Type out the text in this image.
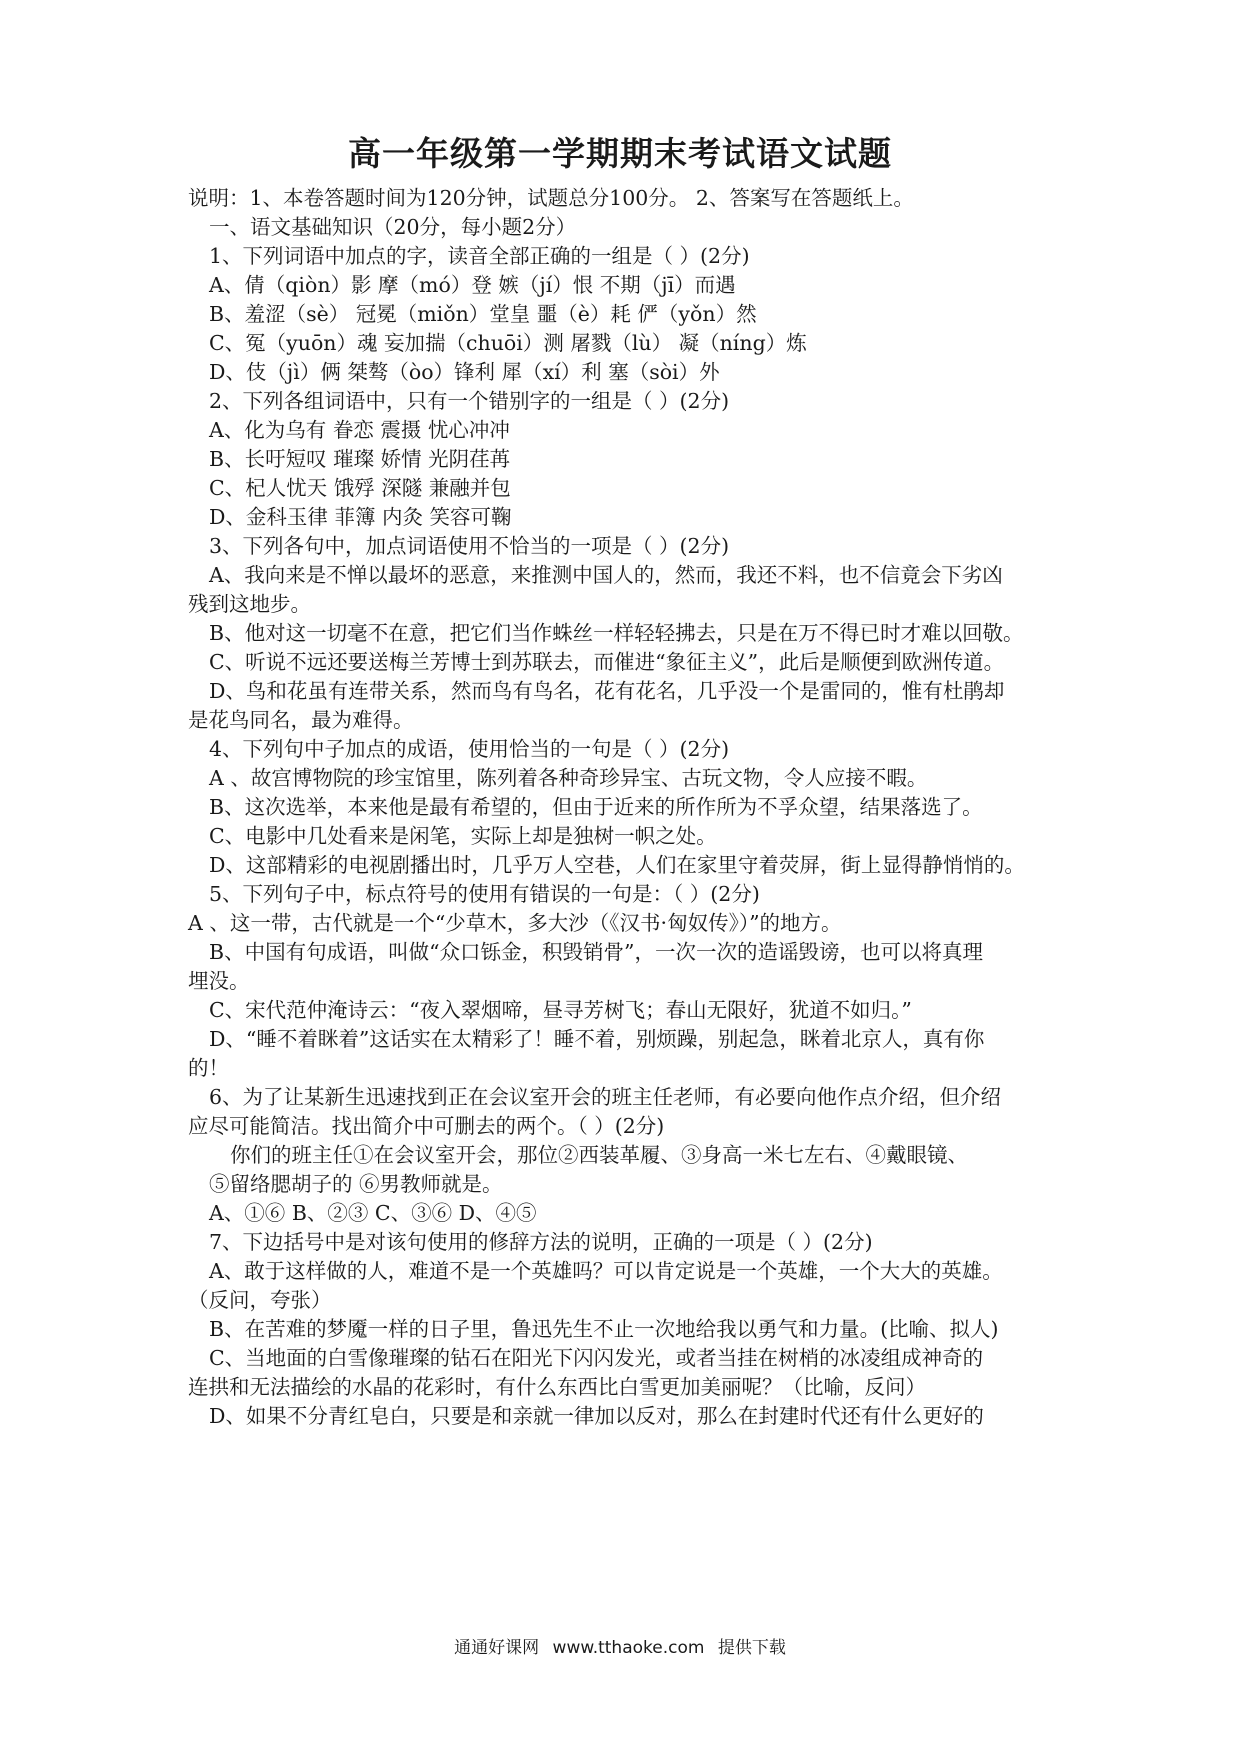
高一年级第一学期期末考试语文试题
说明：1、本卷答题时间为120分钟，试题总分100分。 2、答案写在答题纸上。
一、语文基础知识（20分，每小题2分）
1、下列词语中加点的字，读音全部正确的一组是（ ）(2分)
A、倩（qiòn）影 摩（mó）登 嫉（jí）恨 不期（jī）而遇
B、羞涩（sè） 冠冕（miǒn）堂皇 噩（è）耗 俨（yǒn）然
C、冤（yuōn）魂 妄加揣（chuōi）测 屠戮（lù） 凝（níng）炼
D、伎（jì）俩 桀骜（òo）锋利 犀（xí）利 塞（sòi）外
2、下列各组词语中，只有一个错别字的一组是（ ）(2分)
A、化为乌有 眷恋 震摄 忧心冲冲
B、长吁短叹 璀璨 娇情 光阴荏苒
C、杞人忧天 饿殍 深隧 兼融并包
D、金科玉律 菲簿 内灸 笑容可鞠
3、下列各句中，加点词语使用不恰当的一项是（ ）(2分)
A、我向来是不惮以最坏的恶意，来推测中国人的，然而，我还不料，也不信竟会下劣凶
残到这地步。
B、他对这一切毫不在意，把它们当作蛛丝一样轻轻拂去，只是在万不得已时才难以回敬。
C、听说不远还要送梅兰芳博士到苏联去，而催进“象征主义”，此后是顺便到欧洲传道。
D、鸟和花虽有连带关系，然而鸟有鸟名，花有花名，几乎没一个是雷同的，惟有杜鹃却
是花鸟同名，最为难得。
4、下列句中子加点的成语，使用恰当的一句是（ ）(2分)
A 、故宫博物院的珍宝馆里，陈列着各种奇珍异宝、古玩文物，令人应接不暇。
B、这次选举，本来他是最有希望的，但由于近来的所作所为不孚众望，结果落选了。
C、电影中几处看来是闲笔，实际上却是独树一帜之处。
D、这部精彩的电视剧播出时，几乎万人空巷，人们在家里守着荧屏，街上显得静悄悄的。
5、下列句子中，标点符号的使用有错误的一句是：（ ）(2分)
A 、这一带，古代就是一个“少草木，多大沙（《汉书·匈奴传》）”的地方。
B、中国有句成语，叫做“众口铄金，积毁销骨”，一次一次的造谣毁谤，也可以将真理
埋没。
C、宋代范仲淹诗云：“夜入翠烟啼，昼寻芳树飞；春山无限好，犹道不如归。”
D、“睡不着眯着”这话实在太精彩了！睡不着，别烦躁，别起急，眯着北京人，真有你
的！
6、为了让某新生迅速找到正在会议室开会的班主任老师，有必要向他作点介绍，但介绍
应尽可能简洁。找出简介中可删去的两个。（ ）(2分)
你们的班主任①在会议室开会，那位②西装革履、③身高一米七左右、④戴眼镜、
⑤留络腮胡子的 ⑥男教师就是。
A、①⑥ B、②③ C、③⑥ D、④⑤
7、下边括号中是对该句使用的修辞方法的说明，正确的一项是（ ）(2分)
A、敢于这样做的人，难道不是一个英雄吗？可以肯定说是一个英雄，一个大大的英雄。
（反问，夸张）
B、在苦难的梦魇一样的日子里，鲁迅先生不止一次地给我以勇气和力量。(比喻、拟人)
C、当地面的白雪像璀璨的钻石在阳光下闪闪发光，或者当挂在树梢的冰凌组成神奇的
连拱和无法描绘的水晶的花彩时，有什么东西比白雪更加美丽呢？（比喻，反问）
D、如果不分青红皂白，只要是和亲就一律加以反对，那么在封建时代还有什么更好的
通通好课网 www.tthaoke.com 提供下载
